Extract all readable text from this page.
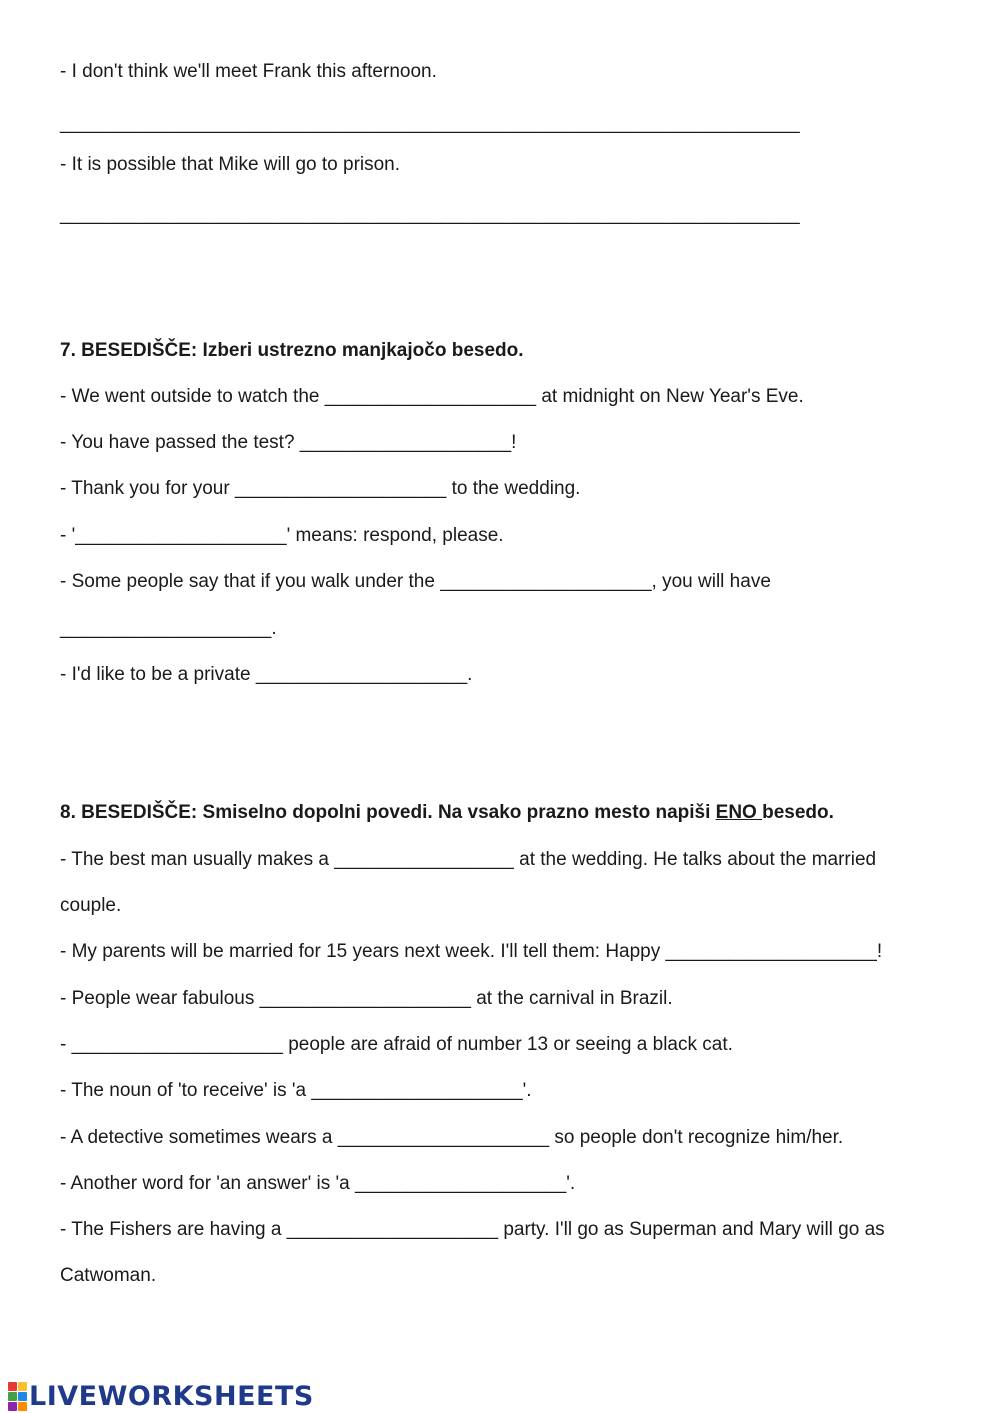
- I don't think we'll meet Frank this afternoon.
______________________________________________________________________
- It is possible that Mike will go to prison.
______________________________________________________________________
7. BESEDIŠČE: Izberi ustrezno manjkajočo besedo.
- We went outside to watch the ____________________ at midnight on New Year's Eve.
- You have passed the test? ____________________!
- Thank you for your ____________________ to the wedding.
- '____________________' means: respond, please.
- Some people say that if you walk under the ____________________, you will have
____________________.
- I'd like to be a private ____________________.
8. BESEDIŠČE: Smiselno dopolni povedi. Na vsako prazno mesto napiši ENO besedo.
- The best man usually makes a _________________ at the wedding. He talks about the married
couple.
- My parents will be married for 15 years next week. I'll tell them: Happy ____________________!
- People wear fabulous ____________________ at the carnival in Brazil.
- ____________________ people are afraid of number 13 or seeing a black cat.
- The noun of 'to receive' is 'a ____________________'.
- A detective sometimes wears a ____________________ so people don't recognize him/her.
- Another word for 'an answer' is 'a ____________________'.
- The Fishers are having a ____________________ party. I'll go as Superman and Mary will go as
Catwoman.
LIVEWORKSHEETS
